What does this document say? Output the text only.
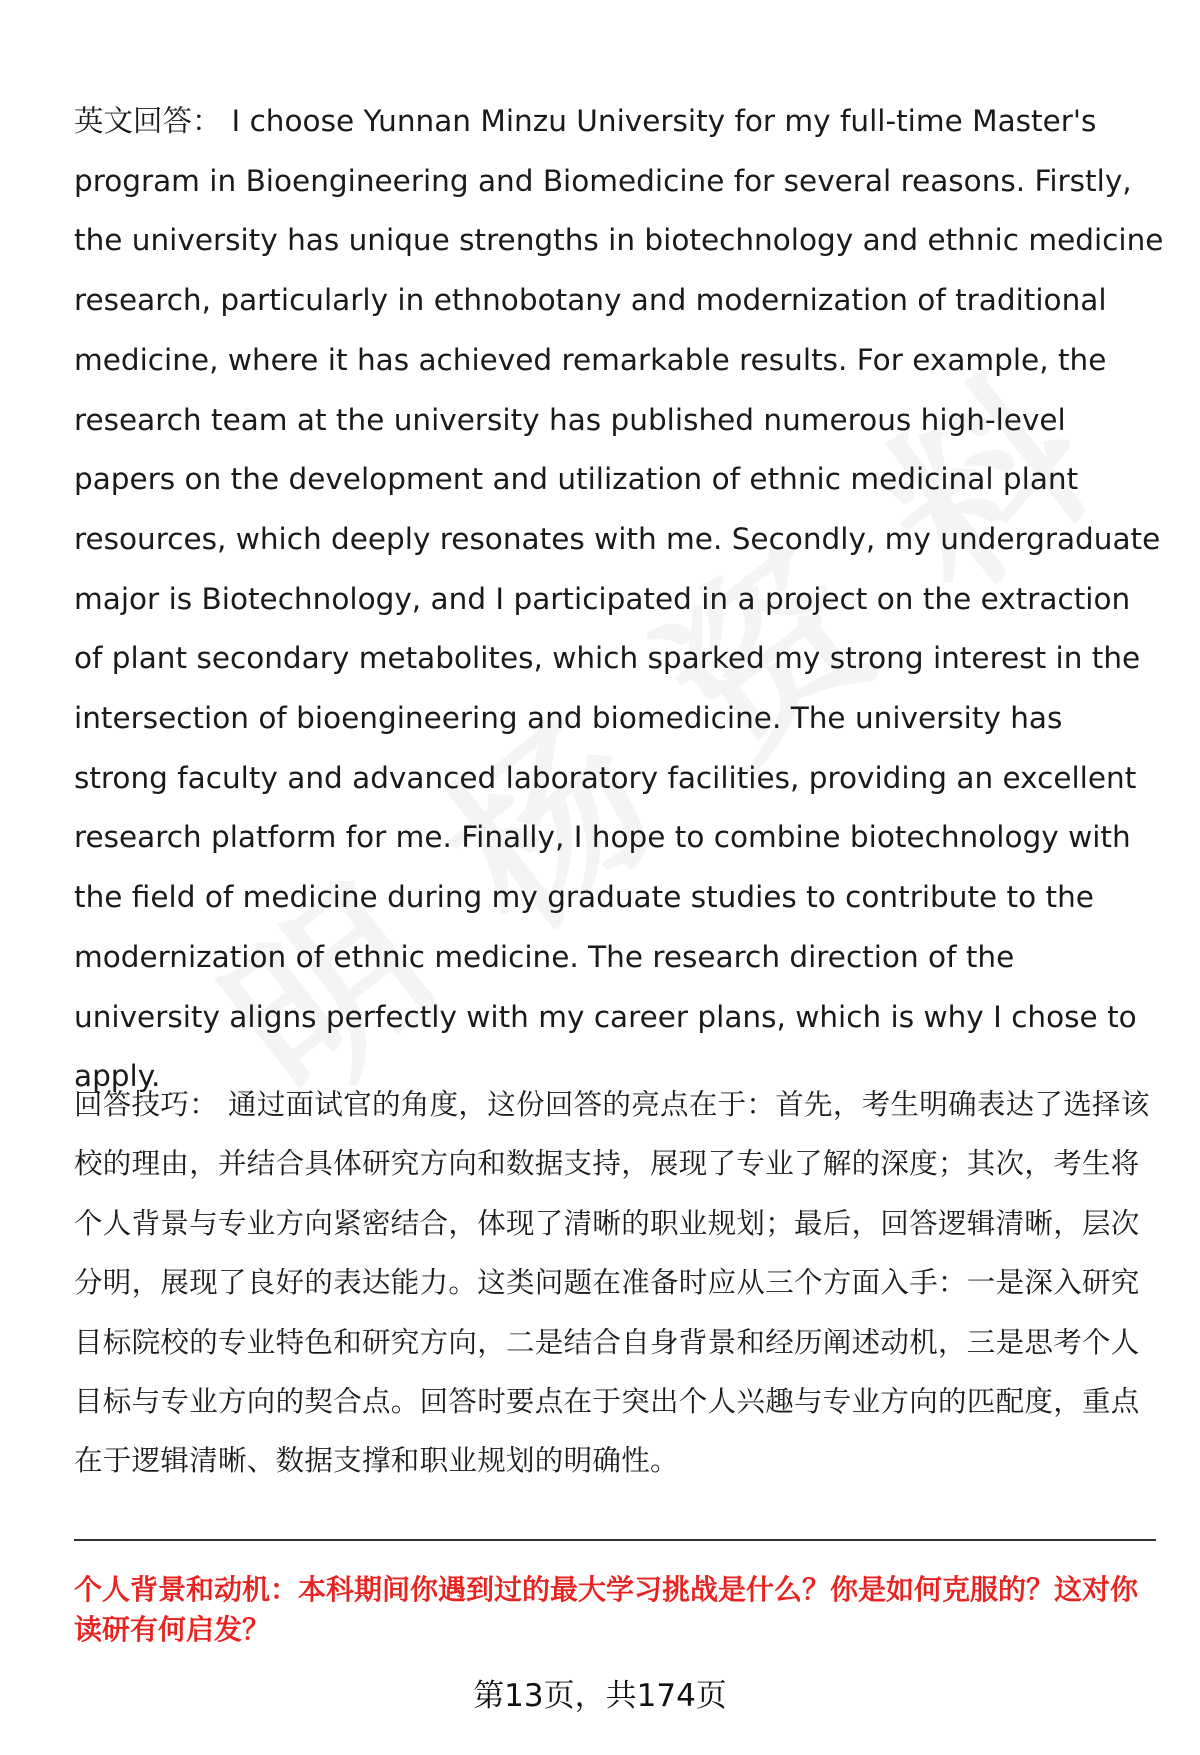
英文回答： I choose Yunnan Minzu University for my full-time Master's program in Bioengineering and Biomedicine for several reasons. Firstly, the university has unique strengths in biotechnology and ethnic medicine research, particularly in ethnobotany and modernization of traditional medicine, where it has achieved remarkable results. For example, the research team at the university has published numerous high-level papers on the development and utilization of ethnic medicinal plant resources, which deeply resonates with me. Secondly, my undergraduate major is Biotechnology, and I participated in a project on the extraction of plant secondary metabolites, which sparked my strong interest in the intersection of bioengineering and biomedicine. The university has strong faculty and advanced laboratory facilities, providing an excellent research platform for me. Finally, I hope to combine biotechnology with the field of medicine during my graduate studies to contribute to the modernization of ethnic medicine. The research direction of the university aligns perfectly with my career plans, which is why I chose to apply.

回答技巧： 通过面试官的角度，这份回答的亮点在于：首先，考生明确表达了选择该校的理由，并结合具体研究方向和数据支持，展现了专业了解的深度；其次，考生将个人背景与专业方向紧密结合，体现了清晰的职业规划；最后，回答逻辑清晰，层次分明，展现了良好的表达能力。这类问题在准备时应从三个方面入手：一是深入研究目标院校的专业特色和研究方向，二是结合自身背景和经历阐述动机，三是思考个人目标与专业方向的契合点。回答时要点在于突出个人兴趣与专业方向的匹配度，重点在于逻辑清晰、数据支撑和职业规划的明确性。

个人背景和动机：本科期间你遇到过的最大学习挑战是什么？你是如何克服的？这对你读研有何启发？

第13页，共174页
